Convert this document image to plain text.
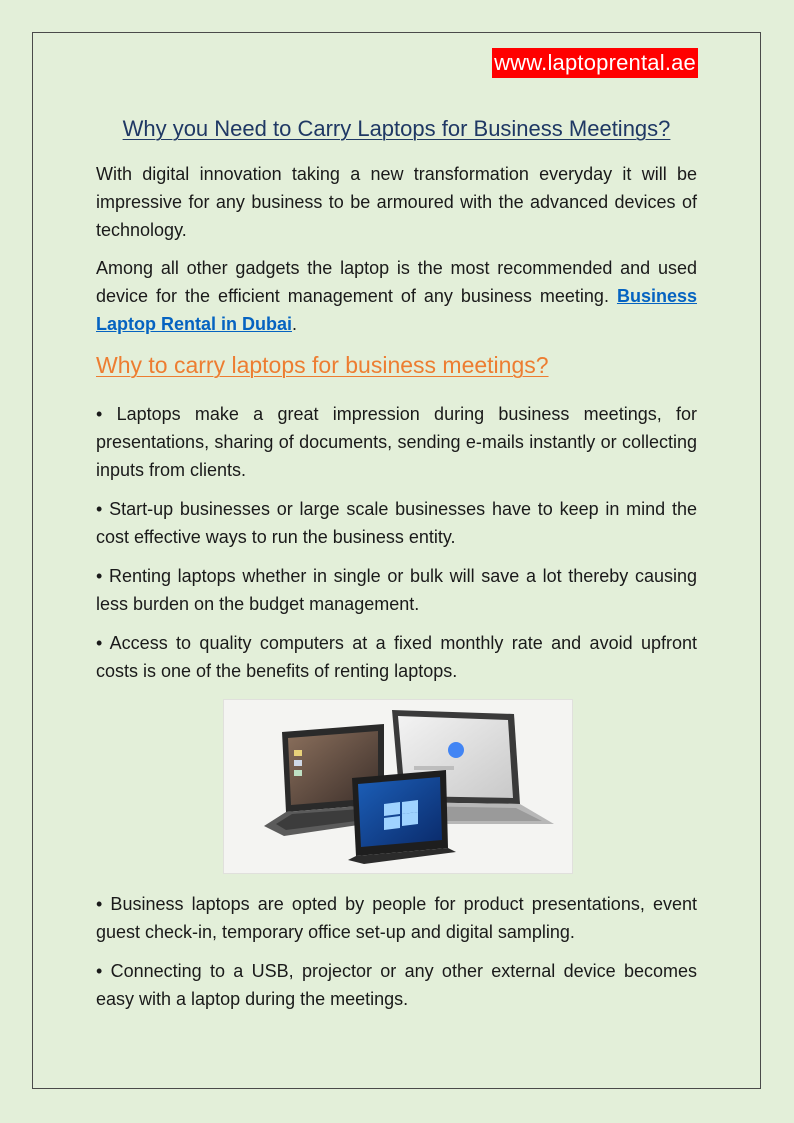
www.laptoprental.ae
Why you Need to Carry Laptops for Business Meetings?

With digital innovation taking a new transformation everyday it will be impressive for any business to be armoured with the advanced devices of technology.

Among all other gadgets the laptop is the most recommended and used device for the efficient management of any business meeting. Business Laptop Rental in Dubai.

Why to carry laptops for business meetings?

• Laptops make a great impression during business meetings, for presentations, sharing of documents, sending e-mails instantly or collecting inputs from clients.

• Start-up businesses or large scale businesses have to keep in mind the cost effective ways to run the business entity.

• Renting laptops whether in single or bulk will save a lot thereby causing less burden on the budget management.

• Access to quality computers at a fixed monthly rate and avoid upfront costs is one of the benefits of renting laptops.

• Business laptops are opted by people for product presentations, event guest check-in, temporary office set-up and digital sampling.

• Connecting to a USB, projector or any other external device becomes easy with a laptop during the meetings.
